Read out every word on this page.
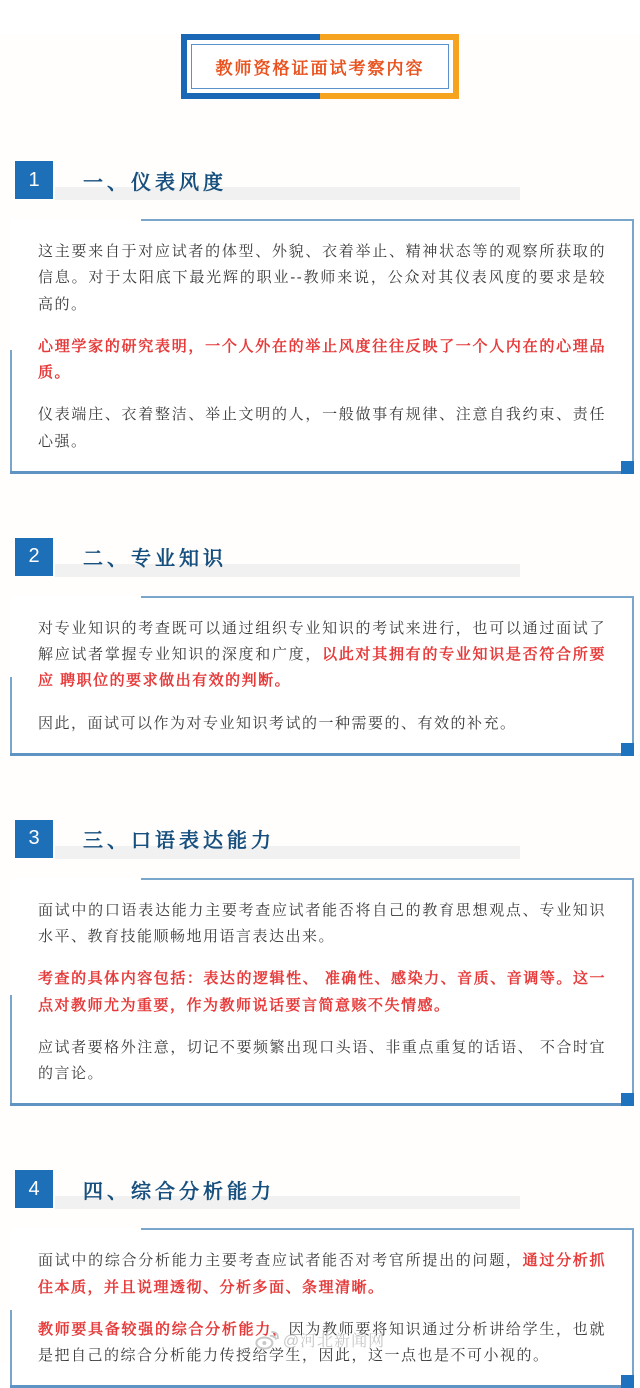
教师资格证面试考察内容
1	一、仪表风度

这主要来自于对应试者的体型、外貌、衣着举止、精神状态等的观察所获取的信息。对于太阳底下最光辉的职业--教师来说，公众对其仪表风度的要求是较高的。

心理学家的研究表明，一个人外在的举止风度往往反映了一个人内在的心理品质。

仪表端庄、衣着整洁、举止文明的人，一般做事有规律、注意自我约束、责任心强。

2	二、专业知识

对专业知识的考查既可以通过组织专业知识的考试来进行，也可以通过面试了解应试者掌握专业知识的深度和广度，以此对其拥有的专业知识是否符合所要应 聘职位的要求做出有效的判断。

因此，面试可以作为对专业知识考试的一种需要的、有效的补充。

3	三、口语表达能力

面试中的口语表达能力主要考查应试者能否将自己的教育思想观点、专业知识水平、教育技能顺畅地用语言表达出来。

考查的具体内容包括：表达的逻辑性、 准确性、感染力、音质、音调等。这一点对教师尤为重要，作为教师说话要言简意赅不失情感。

应试者要格外注意，切记不要频繁出现口头语、非重点重复的话语、 不合时宜的言论。

4	四、综合分析能力

面试中的综合分析能力主要考查应试者能否对考官所提出的问题，通过分析抓住本质，并且说理透彻、分析多面、条理清晰。

教师要具备较强的综合分析能力，因为教师要将知识通过分析讲给学生，也就是把自己的综合分析能力传授给学生，因此，这一点也是不可小视的。

@河北新闻网
